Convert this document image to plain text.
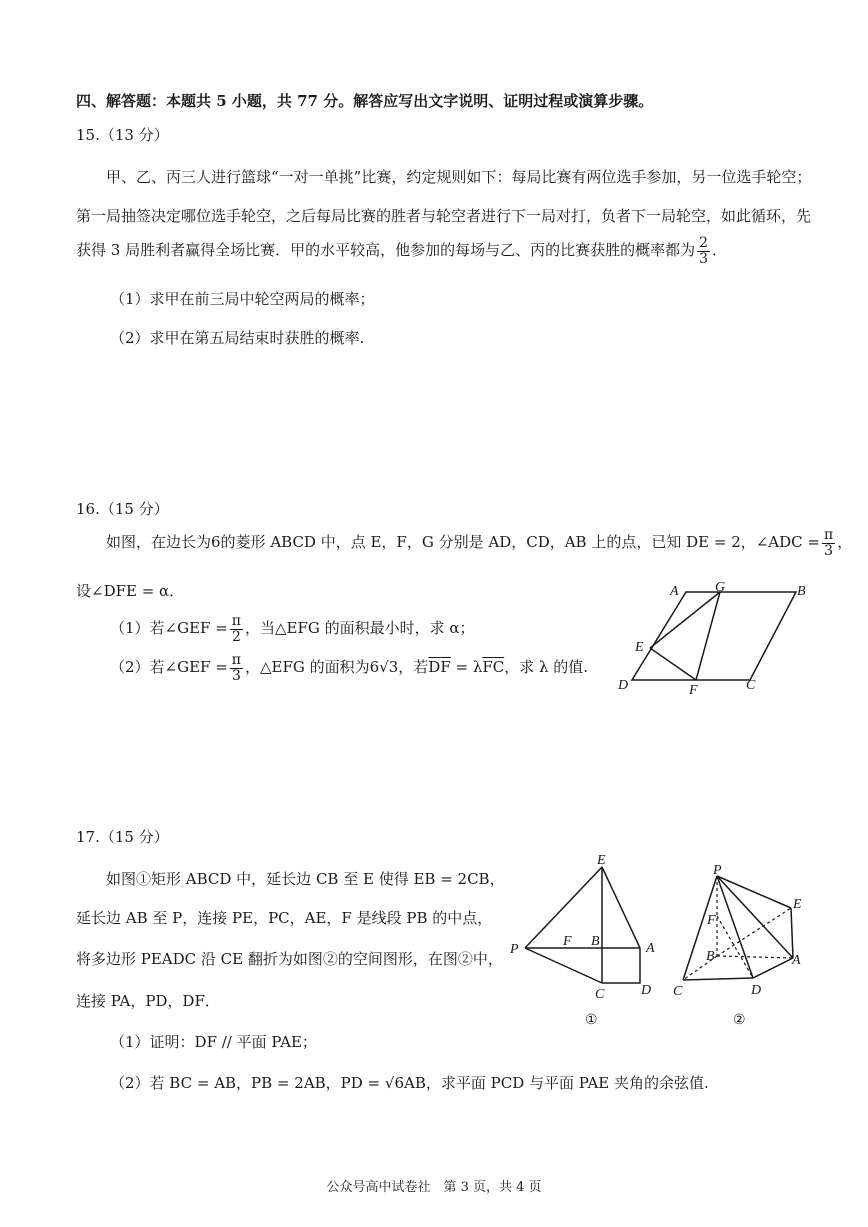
四、解答题：本题共 5 小题，共 77 分。解答应写出文字说明、证明过程或演算步骤。
15.（13 分）
甲、乙、丙三人进行篮球“一对一单挑”比赛，约定规则如下：每局比赛有两位选手参加，另一位选手轮空；
第一局抽签决定哪位选手轮空，之后每局比赛的胜者与轮空者进行下一局对打，负者下一局轮空，如此循环，先
获得 3 局胜利者赢得全场比赛．甲的水平较高，他参加的每场与乙、丙的比赛获胜的概率都为 $\frac{2}{3}$ ．
（1）求甲在前三局中轮空两局的概率；
（2）求甲在第五局结束时获胜的概率.
16.（15 分）
如图，在边长为6的菱形 ABCD 中，点 E，F，G 分别是 AD，CD，AB 上的点，已知 DE = 2，∠ADC = $\frac{\pi}{3}$ ，
设∠DFE = α．
（1）若∠GEF = $\frac{\pi}{2}$ ，当△EFG 的面积最小时，求 α；
（2）若∠GEF = $\frac{\pi}{3}$ ，△EFG 的面积为6√3，若$\overline{DF} = \lambda\overline{FC}$，求 λ 的值.
A	G	B
E
D	F	C
17.（15 分）
如图①矩形 ABCD 中，延长边 CB 至 E 使得 EB = 2CB，
延长边 AB 至 P，连接 PE，PC，AE，F 是线段 PB 的中点，
将多边形 PEADC 沿 CE 翻折为如图②的空间图形，在图②中，
连接 PA，PD，DF．
（1）证明：DF // 平面 PAE；
（2）若 BC = AB，PB = 2AB，PD = √6AB，求平面 PCD 与平面 PAE 夹角的余弦值.
E
P
F B	A
C	D
①
P
E
F
B	A
C	D
②
公众号高中试卷社　第 3 页，共 4 页
